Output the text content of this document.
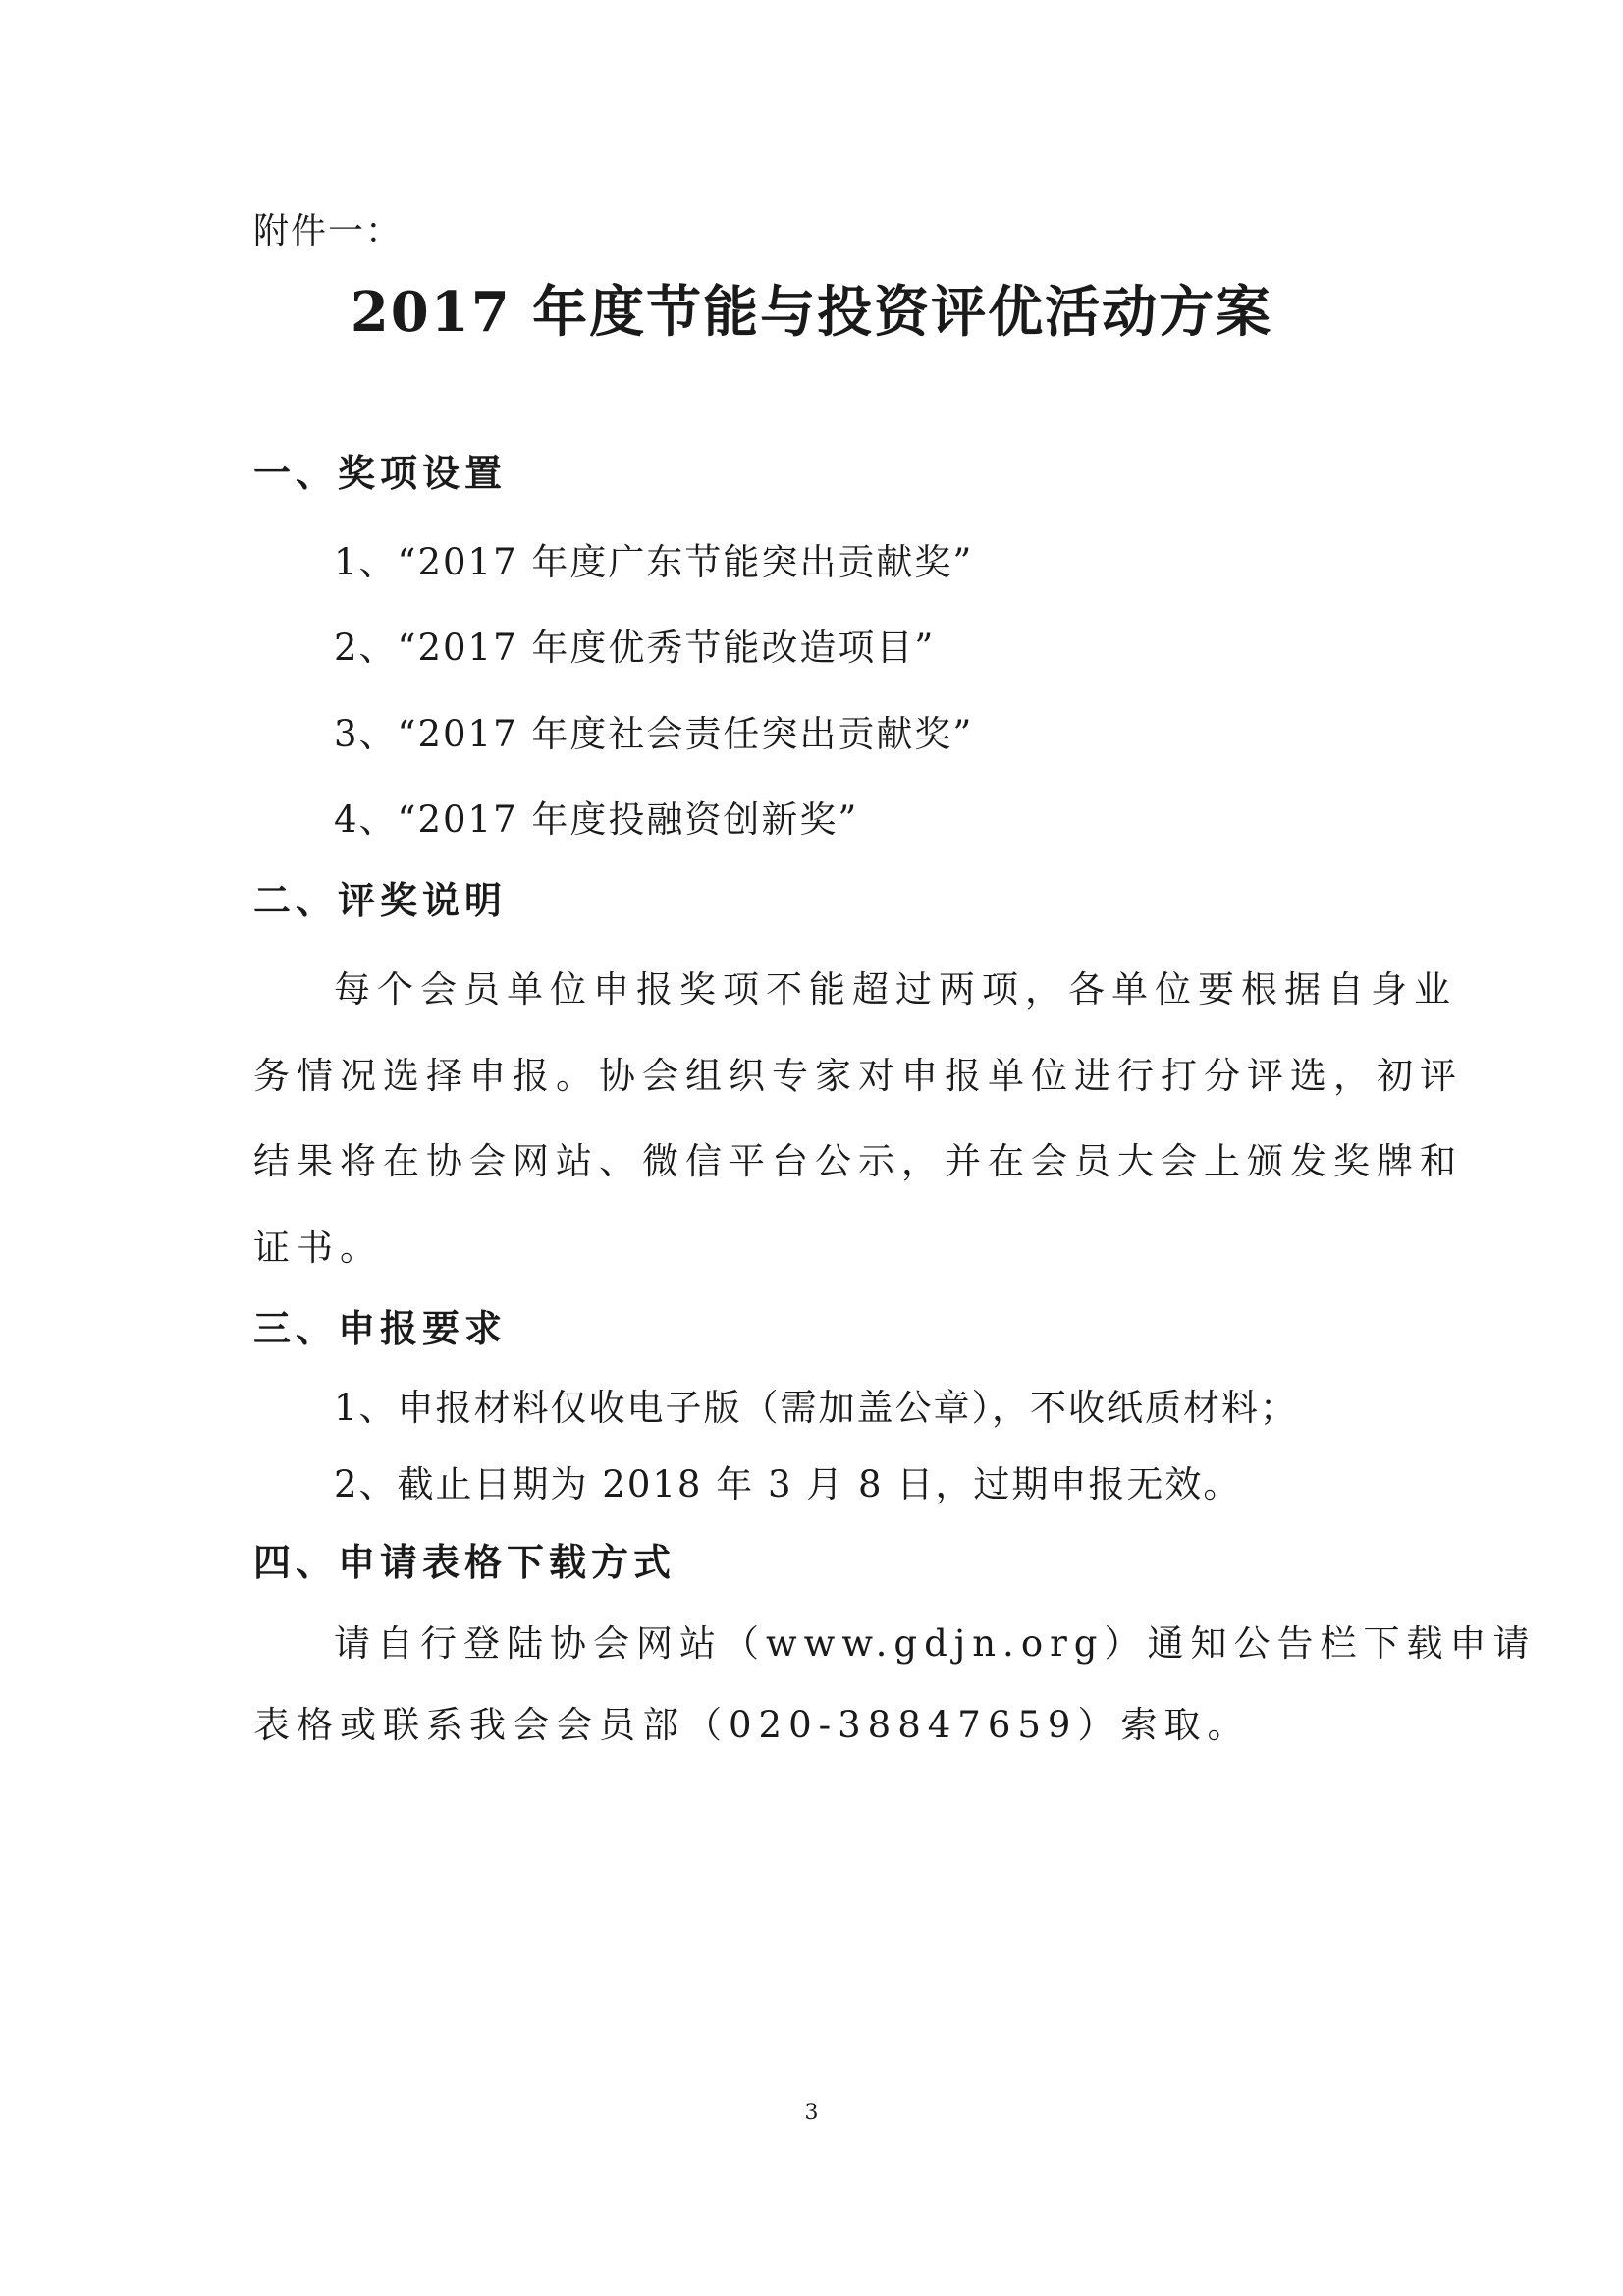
附件一：
2017 年度节能与投资评优活动方案
一、奖项设置
1、“2017 年度广东节能突出贡献奖”
2、“2017 年度优秀节能改造项目”
3、“2017 年度社会责任突出贡献奖”
4、“2017 年度投融资创新奖”
二、评奖说明
每个会员单位申报奖项不能超过两项，各单位要根据自身业
务情况选择申报。协会组织专家对申报单位进行打分评选，初评
结果将在协会网站、微信平台公示，并在会员大会上颁发奖牌和
证书。
三、申报要求
1、申报材料仅收电子版（需加盖公章），不收纸质材料；
2、截止日期为 2018 年 3 月 8 日，过期申报无效。
四、申请表格下载方式
请自行登陆协会网站（www.gdjn.org）通知公告栏下载申请
表格或联系我会会员部（020-38847659）索取。
3
